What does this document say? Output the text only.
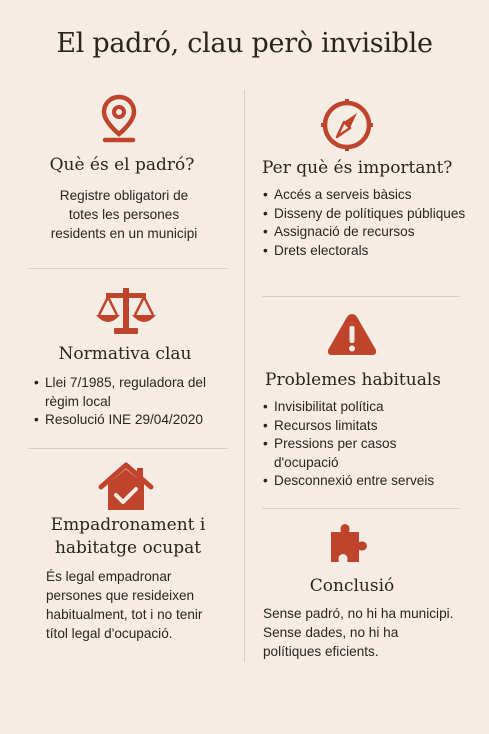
El padró, clau però invisible
Què és el padró?
Registre obligatori de
totes les persones
residents en un municipi
Per què és important?
• Accés a serveis bàsics
• Disseny de polítiques públiques
• Assignació de recursos
• Drets electorals
Normativa clau
• Llei 7/1985, reguladora del règim local
• Resolució INE 29/04/2020
Problemes habituals
• Invisibilitat política
• Recursos limitats
• Pressions per casos d'ocupació
• Desconnexió entre serveis
Empadronament i
habitatge ocupat
És legal empadronar
persones que resideixen
habitualment, tot i no tenir
títol legal d'ocupació.
Conclusió
Sense padró, no hi ha municipi.
Sense dades, no hi ha
polítiques eficients.
